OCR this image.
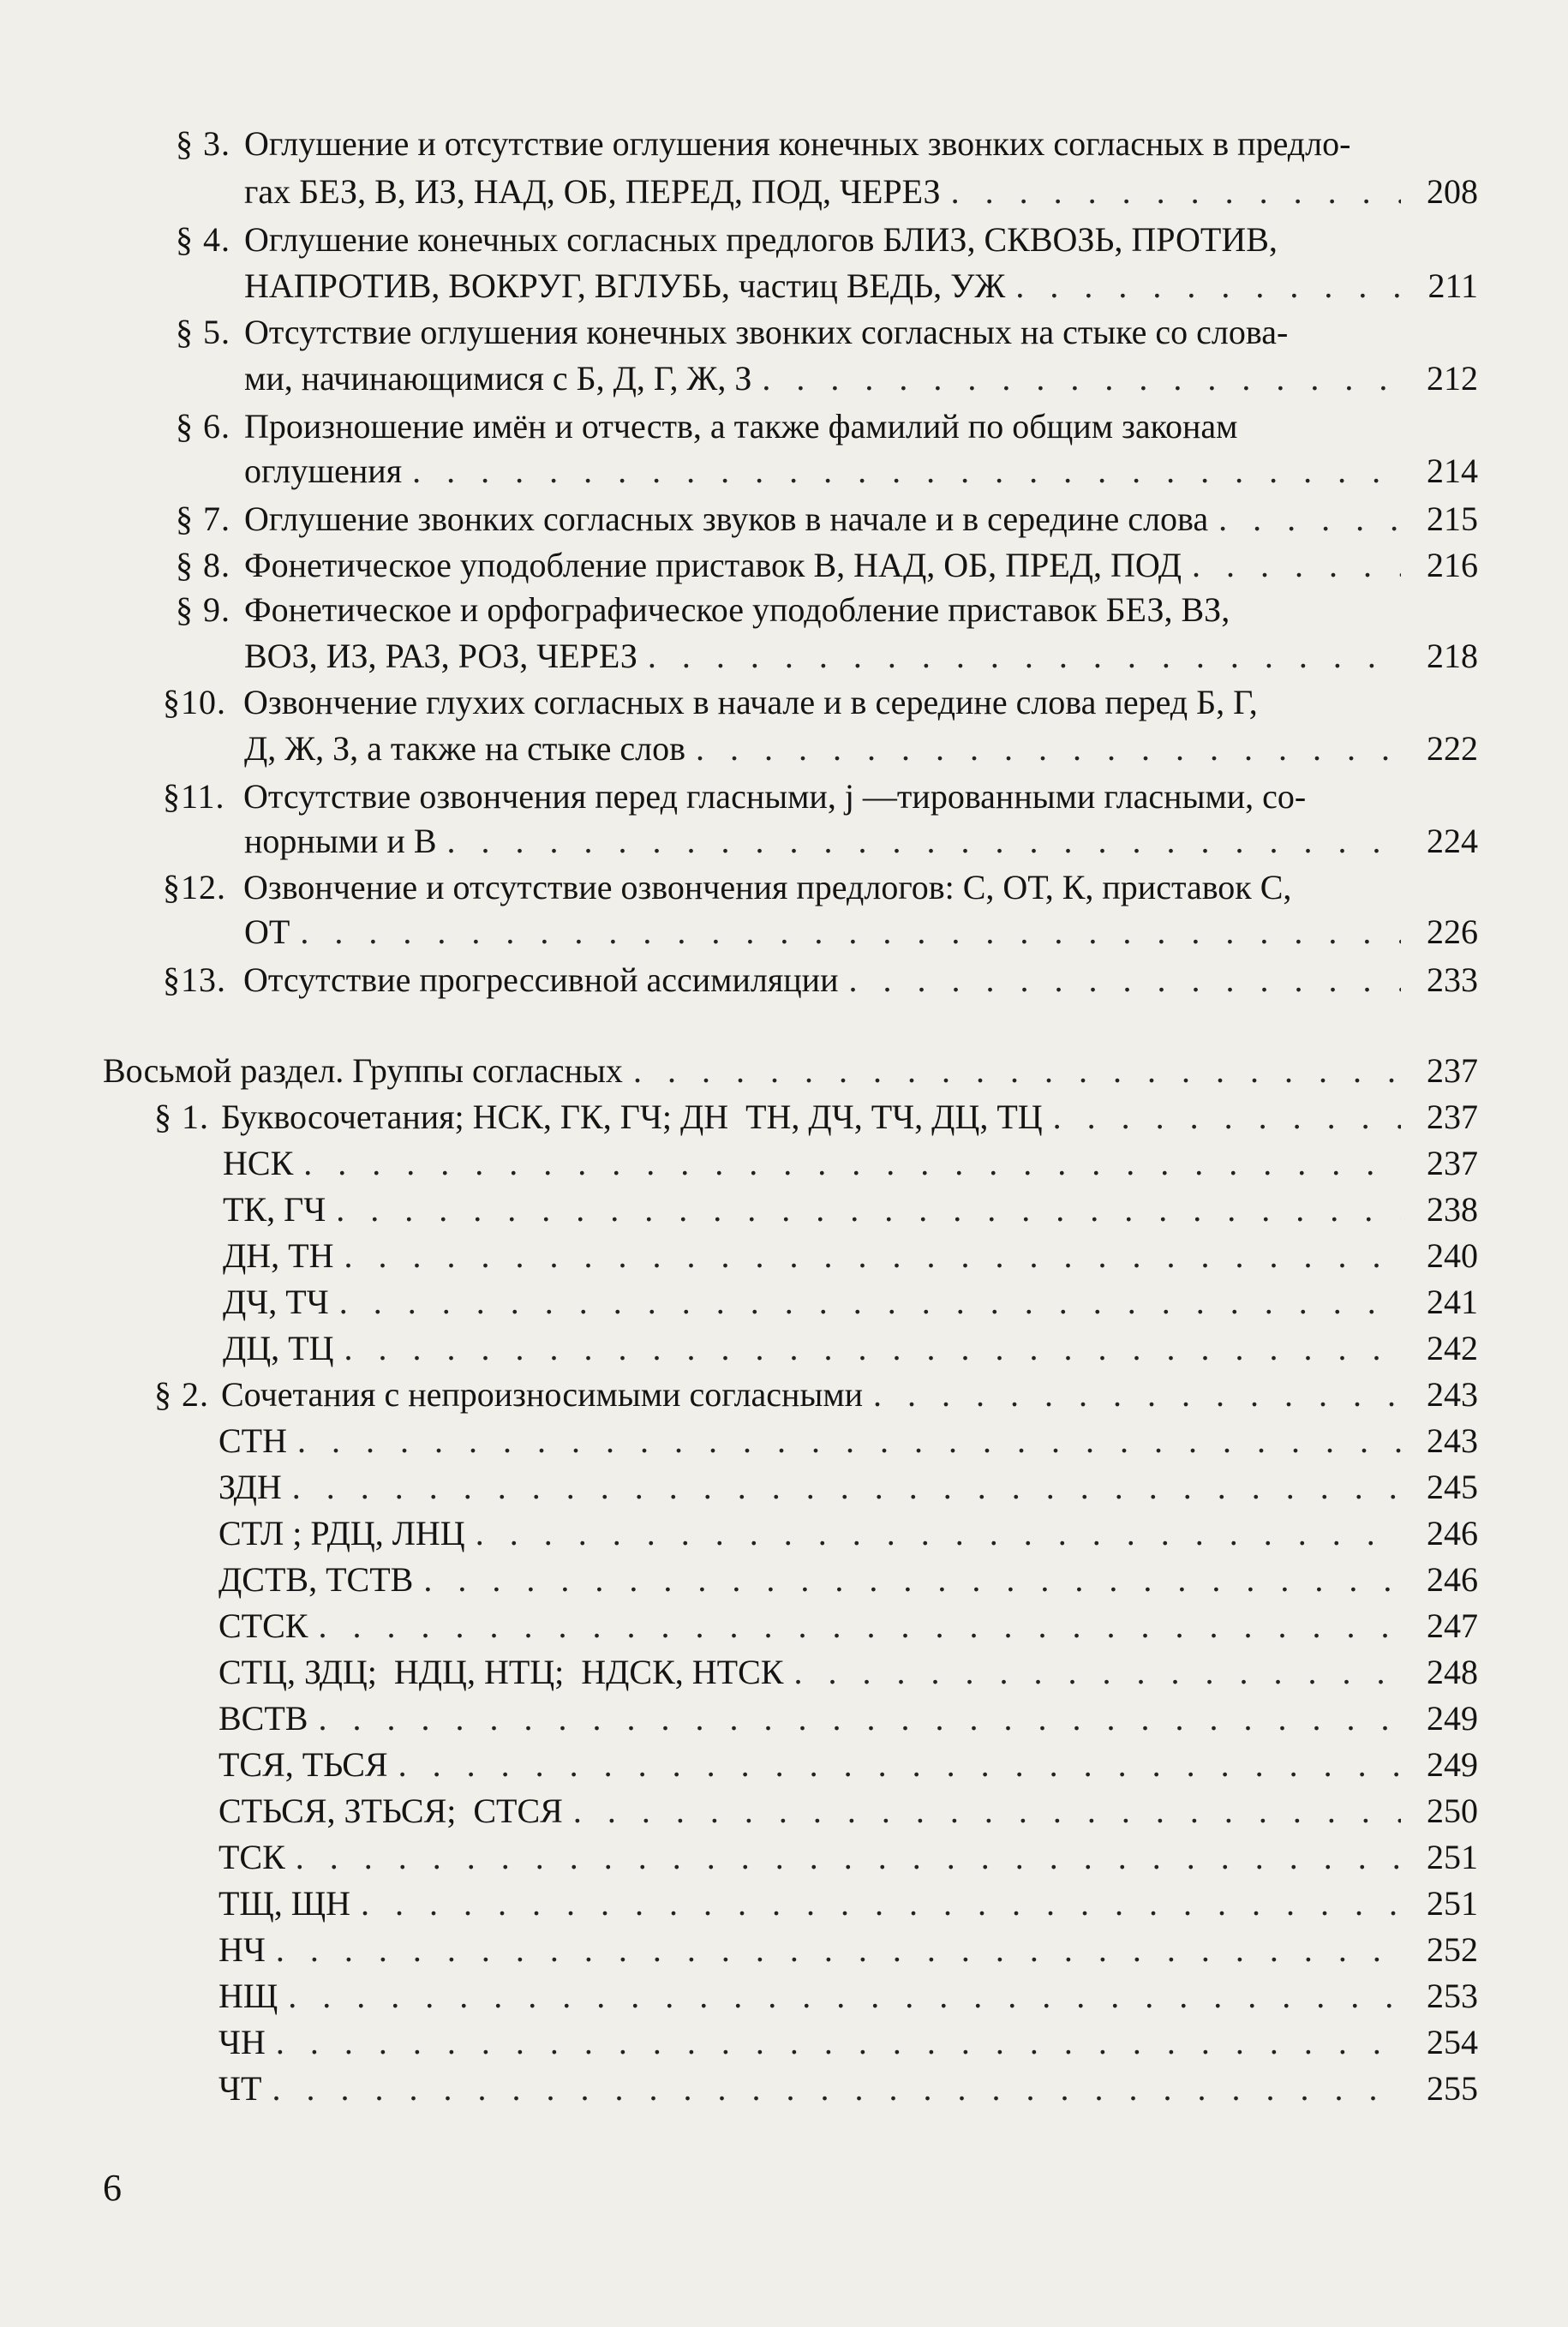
§ 3. Оглушение и отсутствие оглушения конечных звонких согласных в предло-
гах БЕЗ, В, ИЗ, НАД, ОБ, ПЕРЕД, ПОД, ЧЕРЕЗ . . .	208
§ 4. Оглушение конечных согласных предлогов БЛИЗ, СКВОЗЬ, ПРОТИВ,
НАПРОТИВ, ВОКРУГ, ВГЛУБЬ, частиц ВЕДЬ, УЖ . . .	211
§ 5. Отсутствие оглушения конечных звонких согласных на стыке со слова-
ми, начинающимися с Б, Д, Г, Ж, З . . .	212
§ 6. Произношение имён и отчеств, а также фамилий по общим законам
оглушения . . .	214
§ 7. Оглушение звонких согласных звуков в начале и в середине слова . . .	215
§ 8. Фонетическое уподобление приставок В, НАД, ОБ, ПРЕД, ПОД . . .	216
§ 9. Фонетическое и орфографическое уподобление приставок БЕЗ, ВЗ,
ВОЗ, ИЗ, РАЗ, РОЗ, ЧЕРЕЗ . . .	218
§10. Озвончение глухих согласных в начале и в середине слова перед Б, Г,
Д, Ж, З, а также на стыке слов . . .	222
§11. Отсутствие озвончения перед гласными, j —тированными гласными, со-
норными и В . . .	224
§12. Озвончение и отсутствие озвончения предлогов: С, ОТ, К, приставок С,
ОТ . . .	226
§13. Отсутствие прогрессивной ассимиляции . . .	233
Восьмой раздел. Группы согласных . . .	237
§ 1. Буквосочетания; НСК, ГК, ГЧ; ДН  ТН, ДЧ, ТЧ, ДЦ, ТЦ . . .	237
НСК . . .	237
ТК, ГЧ . . .	238
ДН, ТН . . .	240
ДЧ, ТЧ . . .	241
ДЦ, ТЦ . . .	242
§ 2. Сочетания с непроизносимыми согласными . . .	243
СТН . . .	243
ЗДН . . .	245
СТЛ ; РДЦ, ЛНЦ . . .	246
ДСТВ, ТСТВ . . .	246
СТСК . . .	247
СТЦ, ЗДЦ;  НДЦ, НТЦ;  НДСК, НТСК . . .	248
ВСТВ . . .	249
ТСЯ, ТЬСЯ . . .	249
СТЬСЯ, ЗТЬСЯ;  СТСЯ . . .	250
ТСК . . .	251
ТЩ, ЩН . . .	251
НЧ . . .	252
НЩ . . .	253
ЧН . . .	254
ЧТ . . .	255
6
